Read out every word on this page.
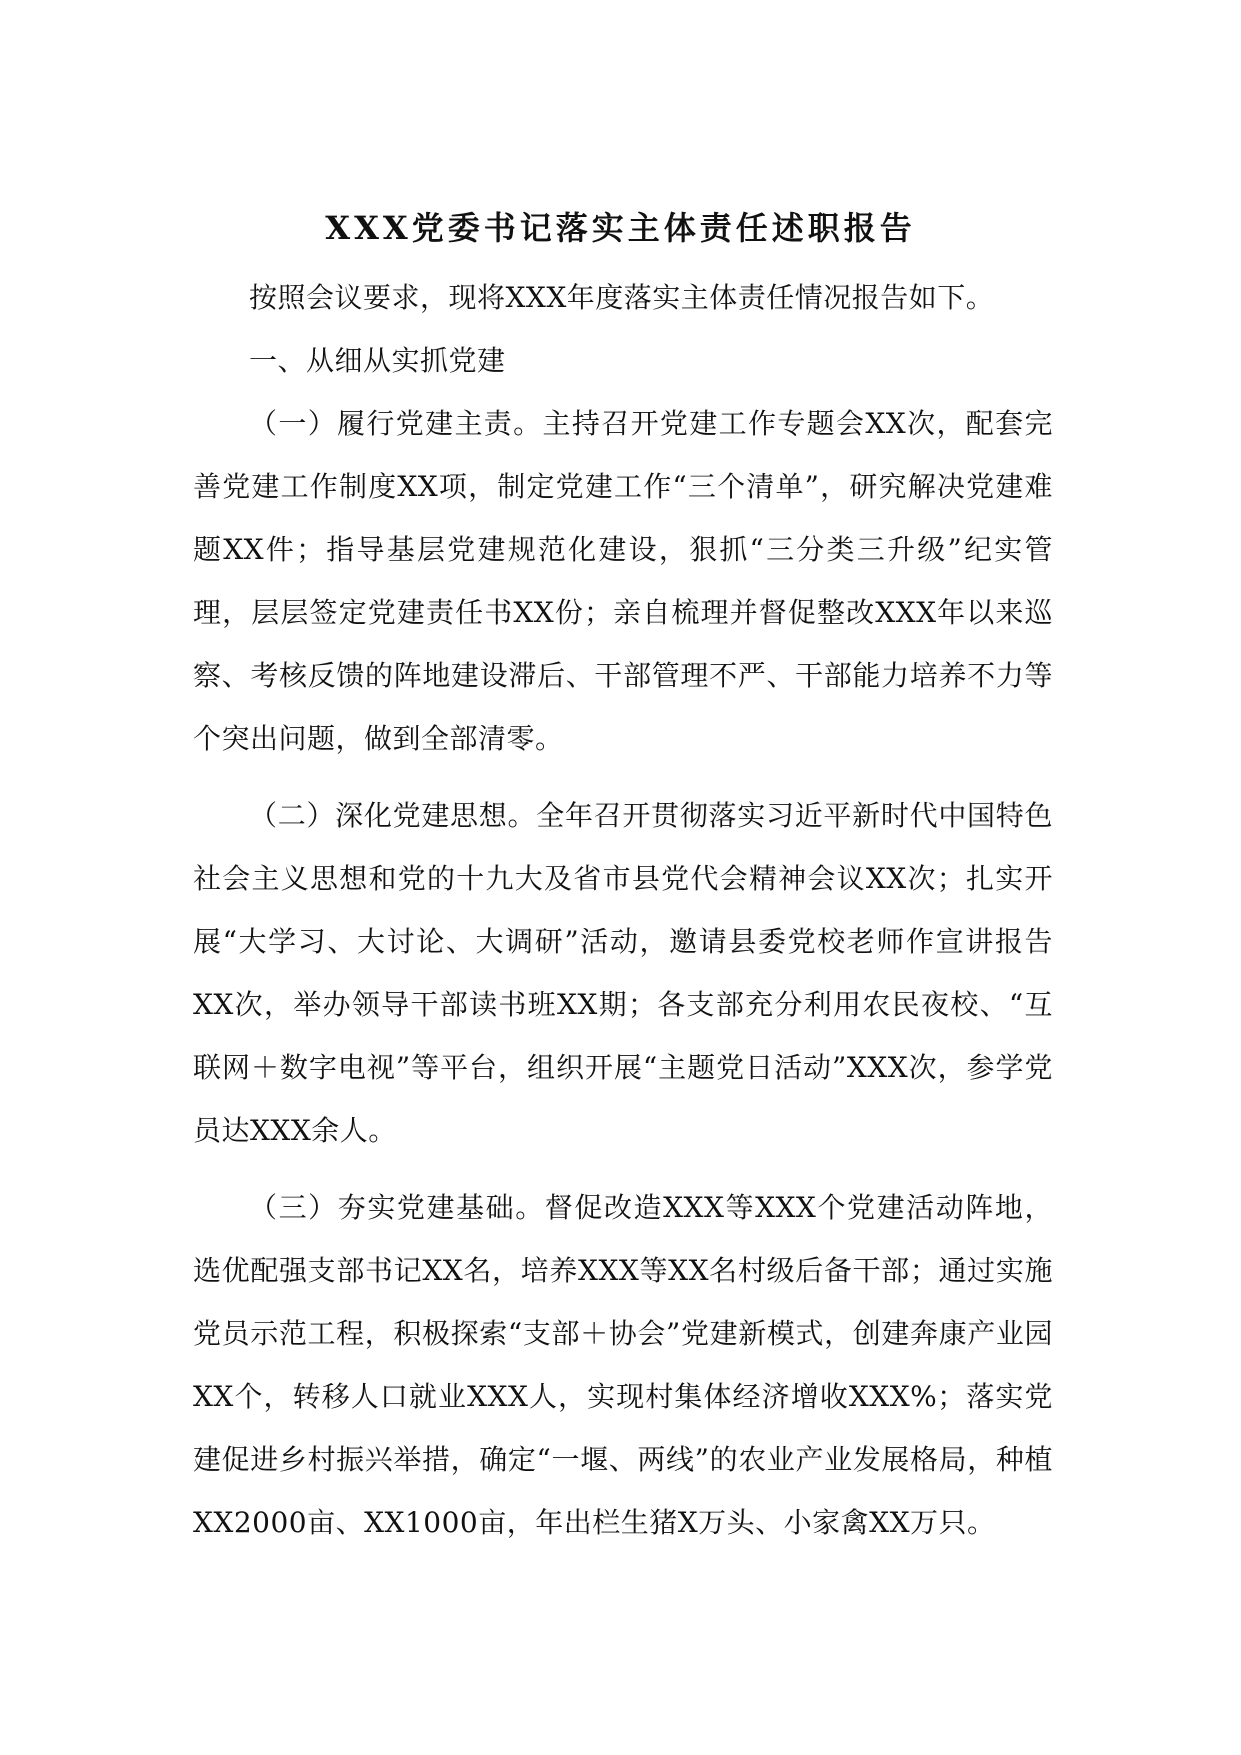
XXX党委书记落实主体责任述职报告

按照会议要求，现将XXX年度落实主体责任情况报告如下。

一、从细从实抓党建

（一）履行党建主责。主持召开党建工作专题会XX次，配套完善党建工作制度XX项，制定党建工作“三个清单”，研究解决党建难题XX件；指导基层党建规范化建设，狠抓“三分类三升级”纪实管理，层层签定党建责任书XX份；亲自梳理并督促整改XXX年以来巡察、考核反馈的阵地建设滞后、干部管理不严、干部能力培养不力等个突出问题，做到全部清零。

（二）深化党建思想。全年召开贯彻落实习近平新时代中国特色社会主义思想和党的十九大及省市县党代会精神会议XX次；扎实开展“大学习、大讨论、大调研”活动，邀请县委党校老师作宣讲报告XX次，举办领导干部读书班XX期；各支部充分利用农民夜校、“互联网＋数字电视”等平台，组织开展“主题党日活动”XXX次，参学党员达XXX余人。

（三）夯实党建基础。督促改造XXX等XXX个党建活动阵地，选优配强支部书记XX名，培养XXX等XX名村级后备干部；通过实施党员示范工程，积极探索“支部＋协会”党建新模式，创建奔康产业园XX个，转移人口就业XXX人，实现村集体经济增收XXX%；落实党建促进乡村振兴举措，确定“一堰、两线”的农业产业发展格局，种植XX2000亩、XX1000亩，年出栏生猪X万头、小家禽XX万只。
